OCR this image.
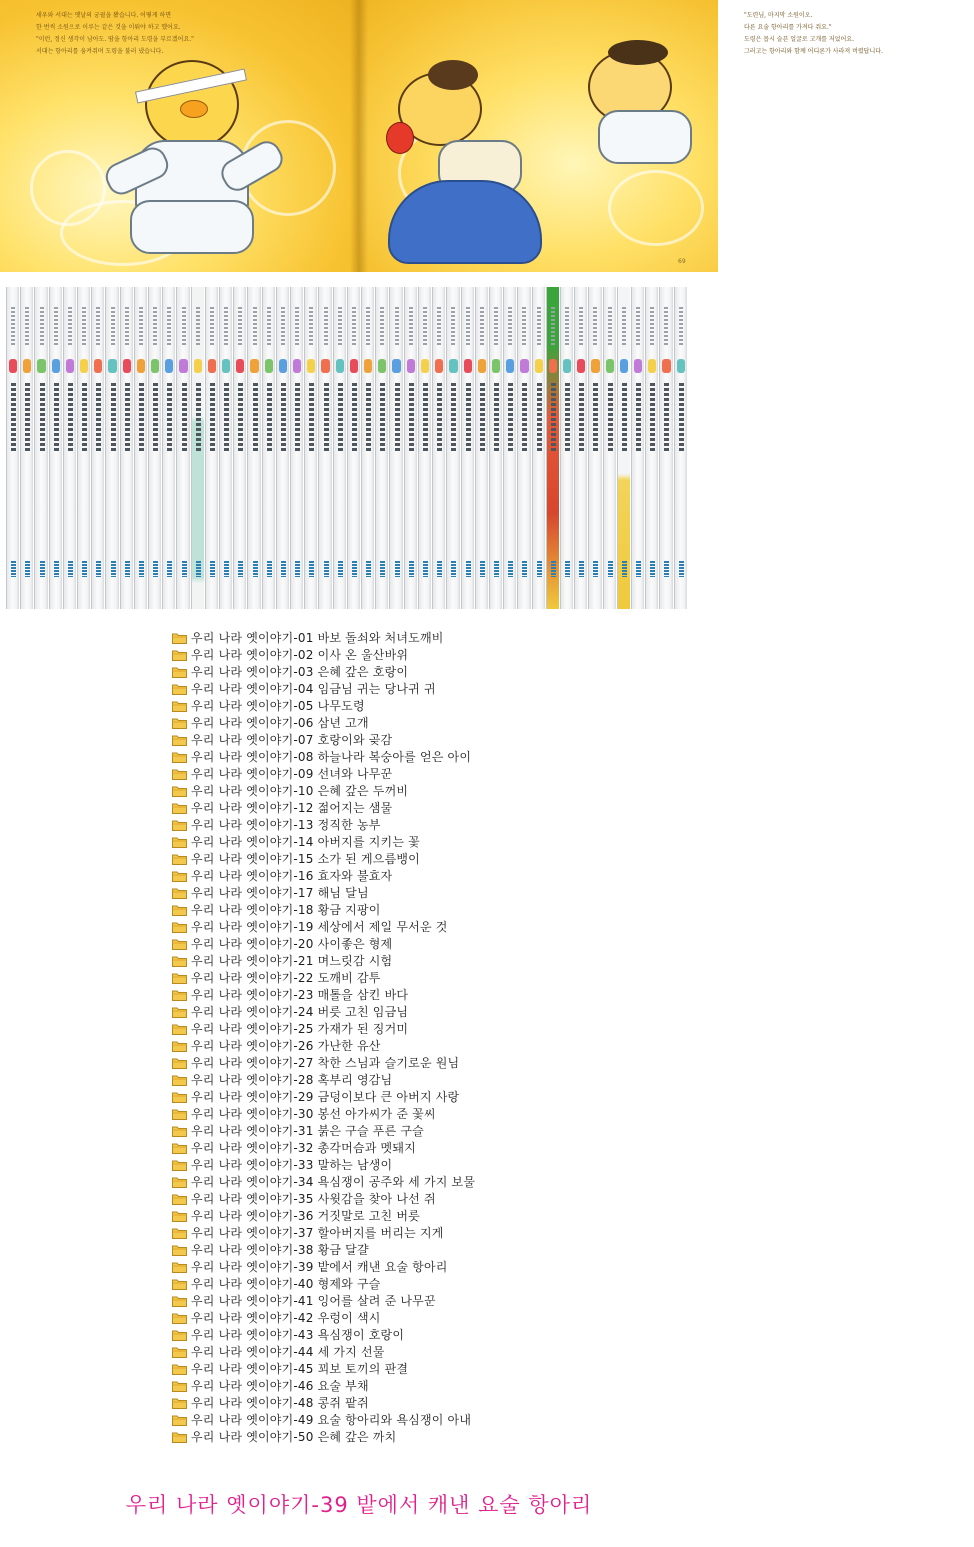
새우와 서대는 옛날의 궁궐을 봤습니다. 어떻게 하면

한 번씩 소원으로 이루는 같은 것을 이뤄야 하고 했어요.

"이런, 정신 생각이 남아도. 땀을 항아리 도령을 부르겠어요."

서대는 항아리를 움켜쥐며 도령을 불러 냈습니다.

"도련님, 마지막 소원이오.

다른 요술 항아리를 가져다 줘요."

도령은 몹시 슬픈 얼굴로 고개를 저었어요.

그러고는 항아리와 함께 어디론가 사라져 버렸답니다.

69
우리 나라 옛이야기-01 바보 돌쇠와 처녀도깨비
우리 나라 옛이야기-02 이사 온 울산바위
우리 나라 옛이야기-03 은혜 갚은 호랑이
우리 나라 옛이야기-04 임금님 귀는 당나귀 귀
우리 나라 옛이야기-05 나무도령
우리 나라 옛이야기-06 삼년 고개
우리 나라 옛이야기-07 호랑이와 곶감
우리 나라 옛이야기-08 하늘나라 복숭아를 얻은 아이
우리 나라 옛이야기-09 선녀와 나무꾼
우리 나라 옛이야기-10 은혜 갚은 두꺼비
우리 나라 옛이야기-12 젊어지는 샘물
우리 나라 옛이야기-13 정직한 농부
우리 나라 옛이야기-14 아버지를 지키는 꽃
우리 나라 옛이야기-15 소가 된 게으름뱅이
우리 나라 옛이야기-16 효자와 불효자
우리 나라 옛이야기-17 해님 달님
우리 나라 옛이야기-18 황금 지팡이
우리 나라 옛이야기-19 세상에서 제일 무서운 것
우리 나라 옛이야기-20 사이좋은 형제
우리 나라 옛이야기-21 며느릿감 시험
우리 나라 옛이야기-22 도깨비 감투
우리 나라 옛이야기-23 매톨을 삼킨 바다
우리 나라 옛이야기-24 버릇 고친 임금님
우리 나라 옛이야기-25 가재가 된 징거미
우리 나라 옛이야기-26 가난한 유산
우리 나라 옛이야기-27 착한 스님과 슬기로운 원님
우리 나라 옛이야기-28 혹부리 영감님
우리 나라 옛이야기-29 금덩이보다 큰 아버지 사랑
우리 나라 옛이야기-30 봉선 아가씨가 준 꽃씨
우리 나라 옛이야기-31 붉은 구슬 푸른 구슬
우리 나라 옛이야기-32 총각머슴과 멧돼지
우리 나라 옛이야기-33 말하는 남생이
우리 나라 옛이야기-34 욕심쟁이 공주와 세 가지 보물
우리 나라 옛이야기-35 사윗감을 찾아 나선 쥐
우리 나라 옛이야기-36 거짓말로 고친 버릇
우리 나라 옛이야기-37 할아버지를 버리는 지게
우리 나라 옛이야기-38 황금 달걀
우리 나라 옛이야기-39 밭에서 캐낸 요술 항아리
우리 나라 옛이야기-40 형제와 구슬
우리 나라 옛이야기-41 잉어를 살려 준 나무꾼
우리 나라 옛이야기-42 우렁이 색시
우리 나라 옛이야기-43 욕심쟁이 호랑이
우리 나라 옛이야기-44 세 가지 선물
우리 나라 옛이야기-45 꾀보 토끼의 판결
우리 나라 옛이야기-46 요술 부채
우리 나라 옛이야기-48 콩쥐 팥쥐
우리 나라 옛이야기-49 요술 항아리와 욕심쟁이 아내
우리 나라 옛이야기-50 은혜 갚은 까치
우리 나라 옛이야기-39 밭에서 캐낸 요술 항아리
